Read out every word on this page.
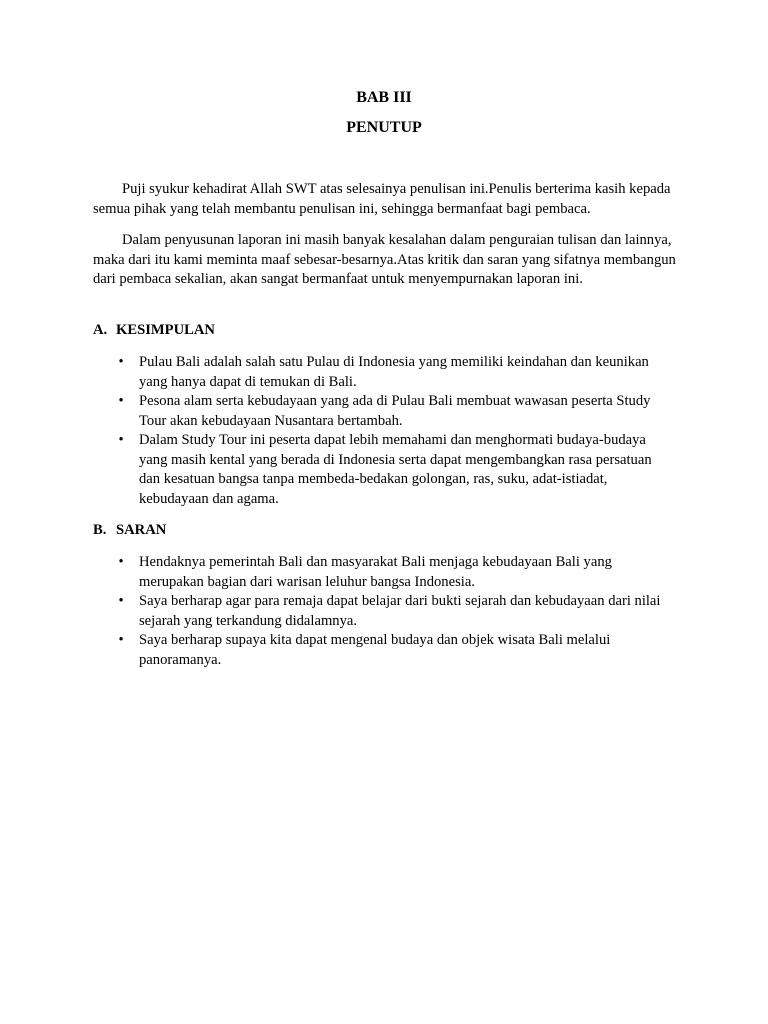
BAB III
PENUTUP
Puji syukur kehadirat Allah SWT atas selesainya penulisan ini.Penulis berterima kasih kepada semua pihak yang telah membantu penulisan ini, sehingga bermanfaat bagi pembaca.
Dalam penyusunan laporan ini masih banyak kesalahan dalam penguraian tulisan dan lainnya, maka dari itu kami meminta maaf sebesar-besarnya.Atas kritik dan saran yang sifatnya membangun dari pembaca sekalian, akan sangat bermanfaat untuk menyempurnakan laporan ini.
A. KESIMPULAN
• Pulau Bali adalah salah satu Pulau di Indonesia yang memiliki keindahan dan keunikan yang hanya dapat di temukan di Bali.
• Pesona alam serta kebudayaan yang ada di Pulau Bali membuat wawasan peserta Study Tour akan kebudayaan Nusantara bertambah.
• Dalam Study Tour ini peserta dapat lebih memahami dan menghormati budaya-budaya yang masih kental yang berada di Indonesia serta dapat mengembangkan rasa persatuan dan kesatuan bangsa tanpa membeda-bedakan golongan, ras, suku, adat-istiadat, kebudayaan dan agama.
B. SARAN
• Hendaknya pemerintah Bali dan masyarakat Bali menjaga kebudayaan Bali yang merupakan bagian dari warisan leluhur bangsa Indonesia.
• Saya berharap agar para remaja dapat belajar dari bukti sejarah dan kebudayaan dari nilai sejarah yang terkandung didalamnya.
• Saya berharap supaya kita dapat mengenal budaya dan objek wisata Bali melalui panoramanya.
